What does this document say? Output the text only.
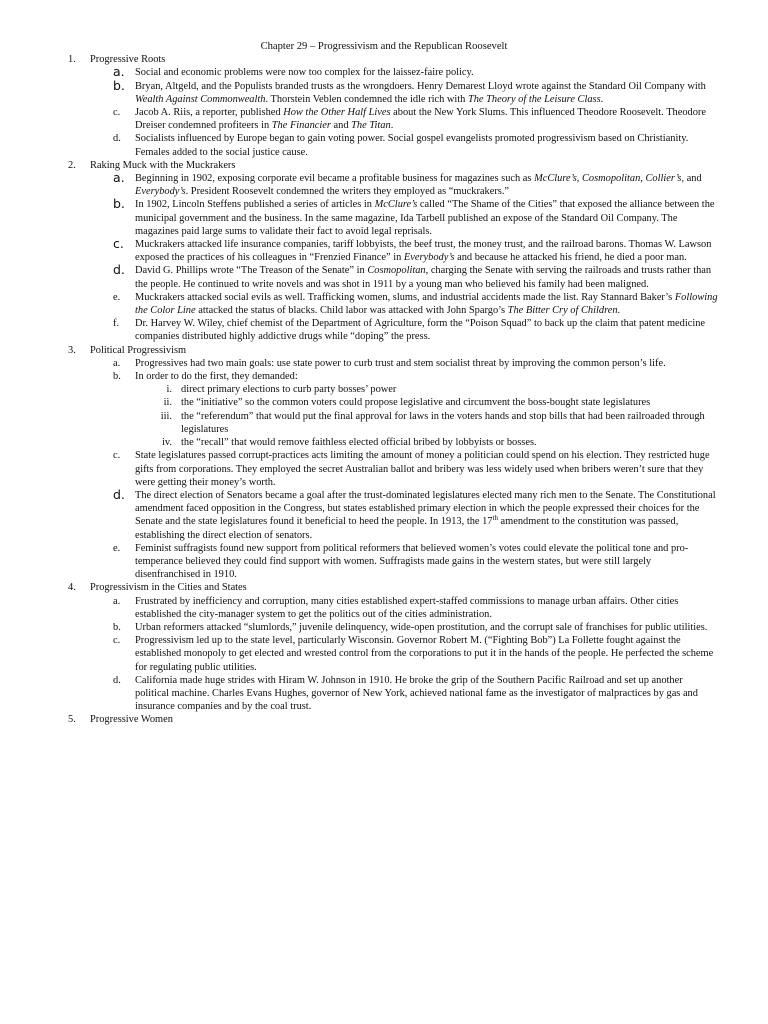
Chapter 29 – Progressivism and the Republican Roosevelt
1. Progressive Roots
a. Social and economic problems were now too complex for the laissez-faire policy.
b. Bryan, Altgeld, and the Populists branded trusts as the wrongdoers. Henry Demarest Lloyd wrote against the Standard Oil Company with Wealth Against Commonwealth. Thorstein Veblen condemned the idle rich with The Theory of the Leisure Class.
c. Jacob A. Riis, a reporter, published How the Other Half Lives about the New York Slums. This influenced Theodore Roosevelt. Theodore Dreiser condemned profiteers in The Financier and The Titan.
d. Socialists influenced by Europe began to gain voting power. Social gospel evangelists promoted progressivism based on Christianity. Females added to the social justice cause.
2. Raking Muck with the Muckrakers
a. Beginning in 1902, exposing corporate evil became a profitable business for magazines such as McClure’s, Cosmopolitan, Collier’s, and Everybody’s. President Roosevelt condemned the writers they employed as “muckrakers.”
b. In 1902, Lincoln Steffens published a series of articles in McClure’s called “The Shame of the Cities” that exposed the alliance between the municipal government and the business. In the same magazine, Ida Tarbell published an expose of the Standard Oil Company. The magazines paid large sums to validate their fact to avoid legal reprisals.
c. Muckrakers attacked life insurance companies, tariff lobbyists, the beef trust, the money trust, and the railroad barons. Thomas W. Lawson exposed the practices of his colleagues in “Frenzied Finance” in Everybody’s and because he attacked his friend, he died a poor man.
d. David G. Phillips wrote “The Treason of the Senate” in Cosmopolitan, charging the Senate with serving the railroads and trusts rather than the people. He continued to write novels and was shot in 1911 by a young man who believed his family had been maligned.
e. Muckrakers attacked social evils as well. Trafficking women, slums, and industrial accidents made the list. Ray Stannard Baker’s Following the Color Line attacked the status of blacks. Child labor was attacked with John Spargo’s The Bitter Cry of Children.
f. Dr. Harvey W. Wiley, chief chemist of the Department of Agriculture, form the “Poison Squad” to back up the claim that patent medicine companies distributed highly addictive drugs while “doping” the press.
3. Political Progressivism
a. Progressives had two main goals: use state power to curb trust and stem socialist threat by improving the common person’s life.
b. In order to do the first, they demanded:
i. direct primary elections to curb party bosses’ power
ii. the “initiative” so the common voters could propose legislative and circumvent the boss-bought state legislatures
iii. the “referendum” that would put the final approval for laws in the voters hands and stop bills that had been railroaded through legislatures
iv. the “recall” that would remove faithless elected official bribed by lobbyists or bosses.
c. State legislatures passed corrupt-practices acts limiting the amount of money a politician could spend on his election. They restricted huge gifts from corporations. They employed the secret Australian ballot and bribery was less widely used when bribers weren’t sure that they were getting their money’s worth.
d. The direct election of Senators became a goal after the trust-dominated legislatures elected many rich men to the Senate. The Constitutional amendment faced opposition in the Congress, but states established primary election in which the people expressed their choices for the Senate and the state legislatures found it beneficial to heed the people. In 1913, the 17th amendment to the constitution was passed, establishing the direct election of senators.
e. Feminist suffragists found new support from political reformers that believed women’s votes could elevate the political tone and pro-temperance believed they could find support with women. Suffragists made gains in the western states, but were still largely disenfranchised in 1910.
4. Progressivism in the Cities and States
a. Frustrated by inefficiency and corruption, many cities established expert-staffed commissions to manage urban affairs. Other cities established the city-manager system to get the politics out of the cities administration.
b. Urban reformers attacked “slumlords,” juvenile delinquency, wide-open prostitution, and the corrupt sale of franchises for public utilities.
c. Progressivism led up to the state level, particularly Wisconsin. Governor Robert M. (“Fighting Bob”) La Follette fought against the established monopoly to get elected and wrested control from the corporations to put it in the hands of the people. He perfected the scheme for regulating public utilities.
d. California made huge strides with Hiram W. Johnson in 1910. He broke the grip of the Southern Pacific Railroad and set up another political machine. Charles Evans Hughes, governor of New York, achieved national fame as the investigator of malpractices by gas and insurance companies and by the coal trust.
5. Progressive Women
